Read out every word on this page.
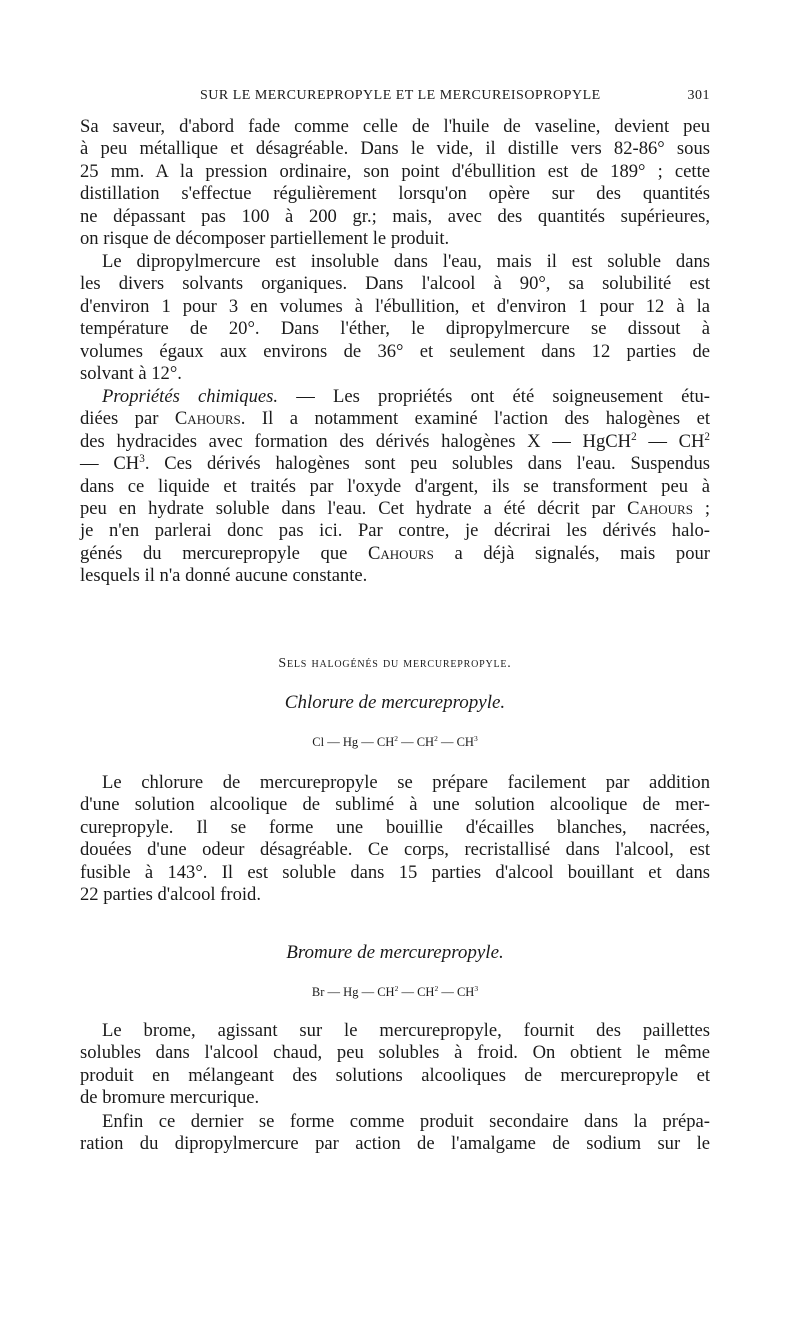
SUR LE MERCUREPROPYLE ET LE MERCUREISOPROPYLE	301
Sa saveur, d'abord fade comme celle de l'huile de vaseline, devient peu
à peu métallique et désagréable. Dans le vide, il distille vers 82-86° sous
25 mm. A la pression ordinaire, son point d'ébullition est de 189° ; cette
distillation s'effectue régulièrement lorsqu'on opère sur des quantités
ne dépassant pas 100 à 200 gr.; mais, avec des quantités supérieures,
on risque de décomposer partiellement le produit.
Le dipropylmercure est insoluble dans l'eau, mais il est soluble dans
les divers solvants organiques. Dans l'alcool à 90°, sa solubilité est
d'environ 1 pour 3 en volumes à l'ébullition, et d'environ 1 pour 12 à la
température de 20°. Dans l'éther, le dipropylmercure se dissout à
volumes égaux aux environs de 36° et seulement dans 12 parties de
solvant à 12°.
Propriétés chimiques. — Les propriétés ont été soigneusement étu-
diées par Cahours. Il a notamment examiné l'action des halogènes et
des hydracides avec formation des dérivés halogènes X — HgCH$^2$ — $CH^2$
— $CH^3$. Ces dérivés halogènes sont peu solubles dans l'eau. Suspendus
dans ce liquide et traités par l'oxyde d'argent, ils se transforment peu à
peu en hydrate soluble dans l'eau. Cet hydrate a été décrit par Cahours ;
je n'en parlerai donc pas ici. Par contre, je décrirai les dérivés halo-
génés du mercurepropyle que Cahours a déjà signalés, mais pour
lesquels il n'a donné aucune constante.

Sels halogénés du mercurepropyle.

Chlorure de mercurepropyle.

Cl — Hg — $CH^2$ — $CH^2$ — $CH^3$

Le chlorure de mercurepropyle se prépare facilement par addition
d'une solution alcoolique de sublimé à une solution alcoolique de mer-
curepropyle. Il se forme une bouillie d'écailles blanches, nacrées,
douées d'une odeur désagréable. Ce corps, recristallisé dans l'alcool, est
fusible à 143°. Il est soluble dans 15 parties d'alcool bouillant et dans
22 parties d'alcool froid.

Bromure de mercurepropyle.

Br — Hg — $CH^2$ — $CH^2$ — $CH^3$

Le brome, agissant sur le mercurepropyle, fournit des paillettes
solubles dans l'alcool chaud, peu solubles à froid. On obtient le même
produit en mélangeant des solutions alcooliques de mercurepropyle et
de bromure mercurique.
Enfin ce dernier se forme comme produit secondaire dans la prépa-
ration du dipropylmercure par action de l'amalgame de sodium sur le
